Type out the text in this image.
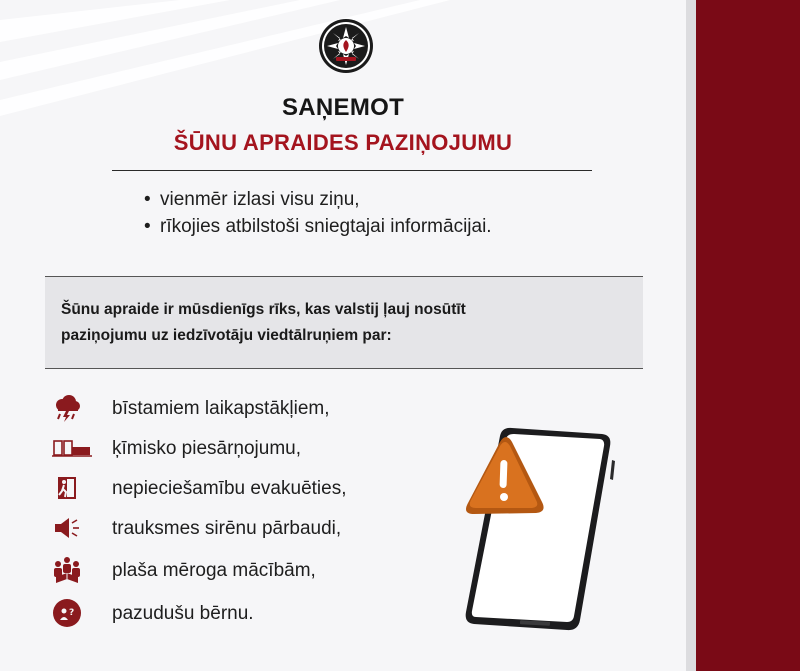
SAŅEMOT
ŠŪNU APRAIDES PAZIŅOJUMU
• vienmēr izlasi visu ziņu,
• rīkojies atbilstoši sniegtajai informācijai.
Šūnu apraide ir mūsdienīgs rīks, kas valstij ļauj nosūtīt
paziņojumu uz iedzīvotāju viedtālruņiem par:
bīstamiem laikapstākļiem,
ķīmisko piesārņojumu,
nepieciešamību evakuēties,
trauksmes sirēnu pārbaudi,
plaša mēroga mācībām,
? pazudušu bērnu.
